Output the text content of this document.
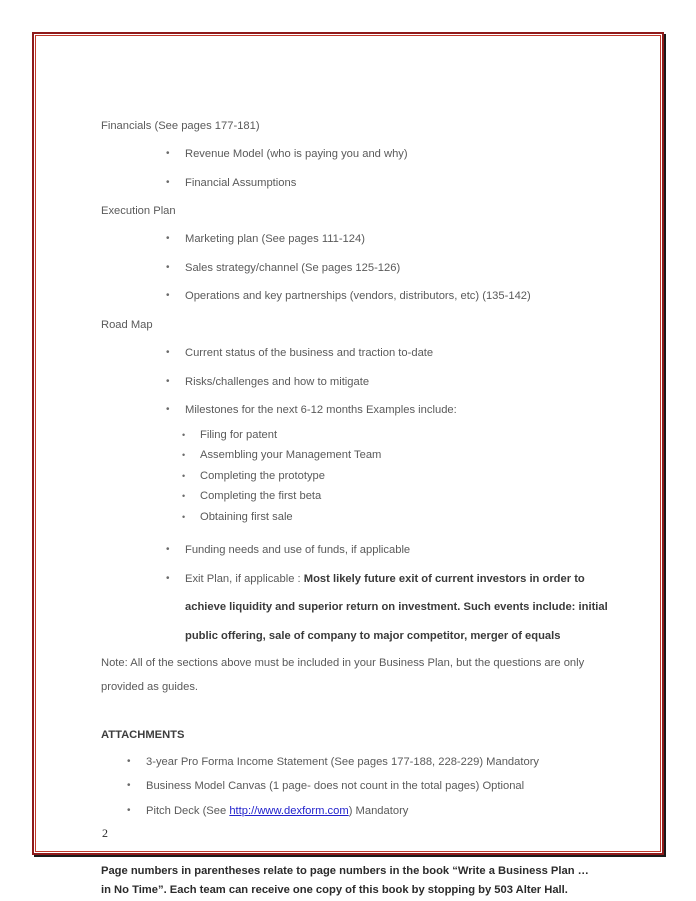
Financials (See pages 177-181)

•	Revenue Model (who is paying you and why)
•	Financial Assumptions

Execution Plan

•	Marketing plan (See pages 111-124)
•	Sales strategy/channel (Se pages 125-126)
•	Operations and key partnerships (vendors, distributors, etc) (135-142)

Road Map

•	Current status of the business and traction to-date
•	Risks/challenges and how to mitigate
•	Milestones for the next 6-12 months Examples include:
•	Filing for patent
•	Assembling your Management Team
•	Completing the prototype
•	Completing the first beta
•	Obtaining first sale
•	Funding needs and use of funds, if applicable
•	Exit Plan, if applicable : Most likely future exit of current investors in order to achieve liquidity and superior return on investment. Such events include: initial public offering, sale of company to major competitor, merger of equals

Note: All of the sections above must be included in your Business Plan, but the questions are only provided as guides.

ATTACHMENTS

•	3-year Pro Forma Income Statement (See pages 177-188, 228-229) Mandatory
•	Business Model Canvas (1 page- does not count in the total pages) Optional
•	Pitch Deck (See http://www.dexform.com) Mandatory

Page numbers in parentheses relate to page numbers in the book “Write a Business Plan … in No Time”. Each team can receive one copy of this book by stopping by 503 Alter Hall.

2
